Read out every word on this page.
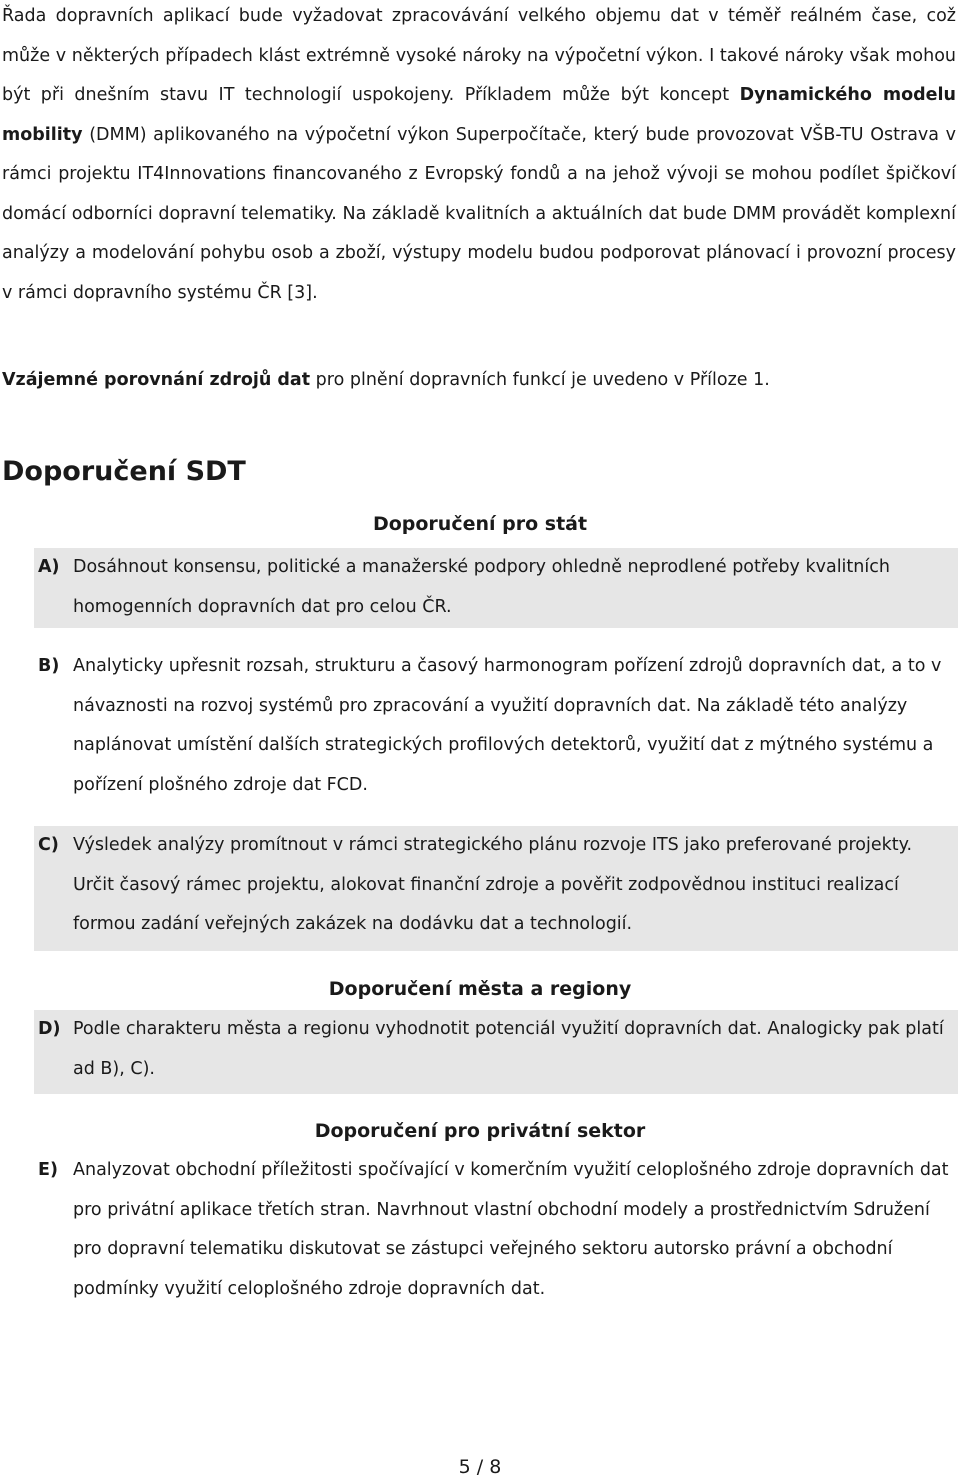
Řada dopravních aplikací bude vyžadovat zpracovávání velkého objemu dat v téměř reálném čase, což může v některých případech klást extrémně vysoké nároky na výpočetní výkon. I takové nároky však mohou být při dnešním stavu IT technologií uspokojeny. Příkladem může být koncept Dynamického modelu mobility (DMM) aplikovaného na výpočetní výkon Superpočítače, který bude provozovat VŠB-TU Ostrava v rámci projektu IT4Innovations financovaného z Evropský fondů a na jehož vývoji se mohou podílet špičkoví domácí odborníci dopravní telematiky. Na základě kvalitních a aktuálních dat bude DMM provádět komplexní analýzy a modelování pohybu osob a zboží, výstupy modelu budou podporovat plánovací i provozní procesy v rámci dopravního systému ČR [3].

Vzájemné porovnání zdrojů dat pro plnění dopravních funkcí je uvedeno v Příloze 1.

Doporučení SDT
Doporučení pro stát
A) Dosáhnout konsensu, politické a manažerské podpory ohledně neprodlené potřeby kvalitních homogenních dopravních dat pro celou ČR.
B) Analyticky upřesnit rozsah, strukturu a časový harmonogram pořízení zdrojů dopravních dat, a to v návaznosti na rozvoj systémů pro zpracování a využití dopravních dat. Na základě této analýzy naplánovat umístění dalších strategických profilových detektorů, využití dat z mýtného systému a pořízení plošného zdroje dat FCD.
C) Výsledek analýzy promítnout v rámci strategického plánu rozvoje ITS jako preferované projekty. Určit časový rámec projektu, alokovat finanční zdroje a pověřit zodpovědnou instituci realizací formou zadání veřejných zakázek na dodávku dat a technologií.
Doporučení města a regiony
D) Podle charakteru města a regionu vyhodnotit potenciál využití dopravních dat. Analogicky pak platí ad B), C).
Doporučení pro privátní sektor
E) Analyzovat obchodní příležitosti spočívající v komerčním využití celoplošného zdroje dopravních dat pro privátní aplikace třetích stran. Navrhnout vlastní obchodní modely a prostřednictvím Sdružení pro dopravní telematiku diskutovat se zástupci veřejného sektoru autorsko právní a obchodní podmínky využití celoplošného zdroje dopravních dat.
5 / 8
